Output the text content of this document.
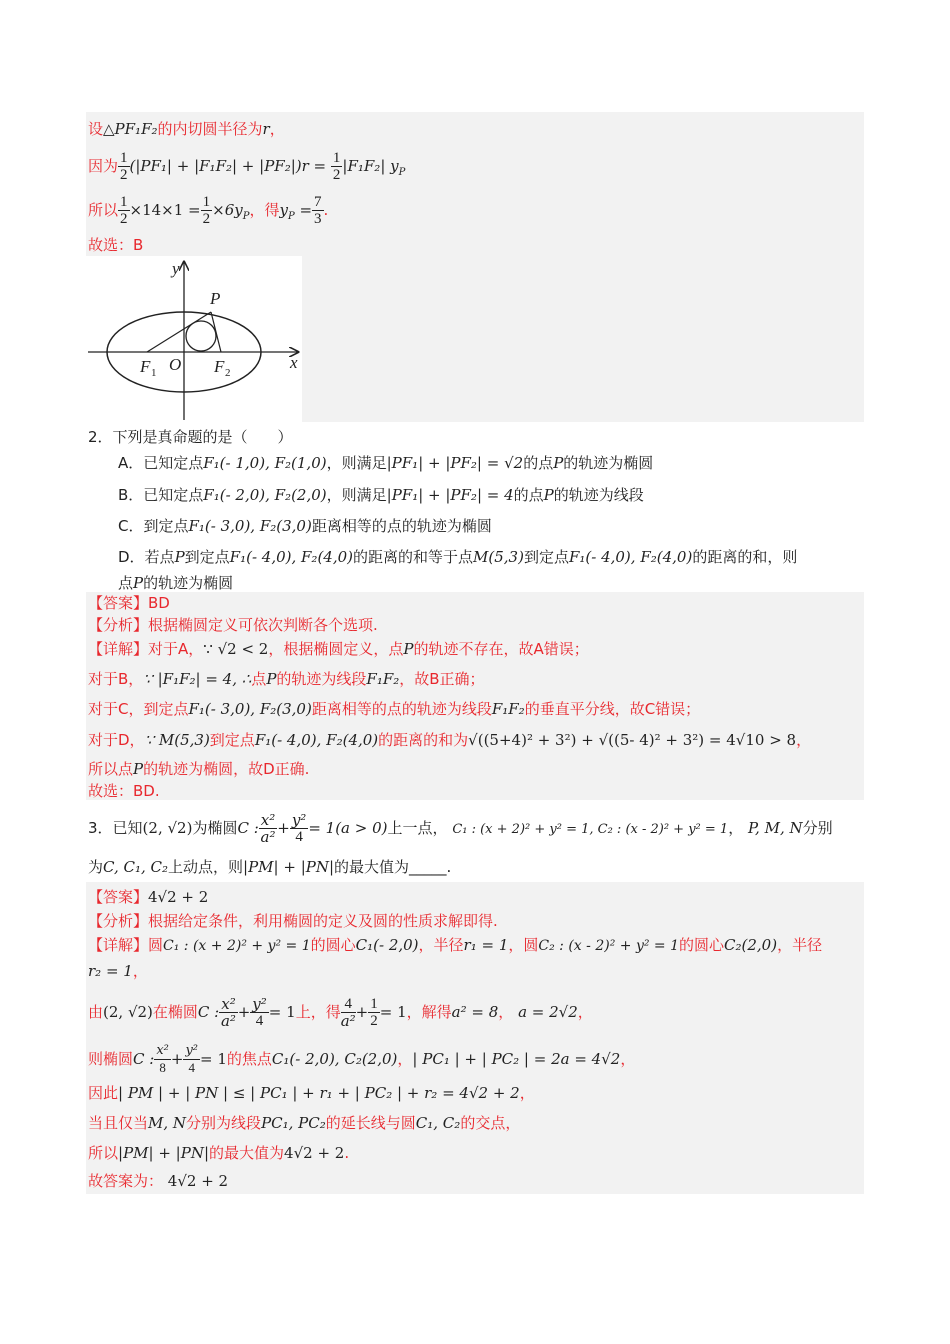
设△PF₁F₂的内切圆半径为r，
因为 $\frac{1}{2} (|PF_1| + |F_1F_2| + |PF_2|)r = \frac{1}{2} |F_1F_2|$ $y_P$
所以 $\frac{1}{2} \times 14\times 1 = \frac{1}{2} \times 6y_P$，得$y_P = \frac{7}{3}$ .
故选：B
y
P
F 1 O F 2
x
2．下列是真命题的是（　　）
A．已知定点F₁(- 1,0), F₂(1,0)，则满足|PF₁| + |PF₂| = √2的点P的轨迹为椭圆
B．已知定点F₁(- 2,0), F₂(2,0)，则满足|PF₁| + |PF₂| = 4的点P的轨迹为线段
C．到定点F₁(- 3,0), F₂(3,0)距离相等的点的轨迹为椭圆
D．若点P到定点F₁(- 4,0), F₂(4,0)的距离的和等于点M(5,3)到定点F₁(- 4,0), F₂(4,0)的距离的和，则
点P的轨迹为椭圆
【答案】BD
【分析】根据椭圆定义可依次判断各个选项.
【详解】对于A，∵ √2 < 2，根据椭圆定义，点P的轨迹不存在，故A错误；
对于B，∵ |F₁F₂| = 4, ∴点P的轨迹为线段F₁F₂，故B正确；
对于C，到定点F₁(- 3,0), F₂(3,0)距离相等的点的轨迹为线段F₁F₂的垂直平分线，故C错误；
对于D，∵ M(5,3)到定点F₁(- 4,0), F₂(4,0)的距离的和为√((5+4)² + 3²) + √((5- 4)² + 3²) = 4√10 > 8，
所以点P的轨迹为椭圆，故D正确.
故选：BD.
3．已知(2, √2)为椭圆C : $\frac{\text{x²}}{\text{a²}} + \frac{\text{y²}}{4} = 1(a > 0)$上一点， C₁ : (x + 2)² + y² = 1, C₂ : (x - 2)² + y² = 1， P, M, N分别
为C, C₁, C₂上动点，则|PM| + |PN|的最大值为_____.
【答案】4√2 + 2
【分析】根据给定条件，利用椭圆的定义及圆的性质求解即得.
【详解】圆C₁ : (x + 2)² + y² = 1的圆心C₁(- 2,0)，半径r₁ = 1，圆C₂ : (x - 2)² + y² = 1的圆心C₂(2,0)，半径
r₂ = 1，
由(2, √2)在椭圆C : $\frac{\text{x²}}{\text{a²}} + \frac{\text{y²}}{4} = 1$上，得 $\frac{4}{\text{a²}} + \frac{1}{2} = 1$，解得a² = 8， a = 2√2，
则椭圆C : $\frac{\text{x²}}{8} + \frac{\text{y²}}{4} = 1$的焦点C₁(- 2,0), C₂(2,0)，| PC₁ | + | PC₂ | = 2a = 4√2，
因此| PM | + | PN | ≤ | PC₁ | + r₁ + | PC₂ | + r₂ = 4√2 + 2，
当且仅当M, N分别为线段PC₁, PC₂的延长线与圆C₁, C₂的交点，
所以|PM| + |PN|的最大值为4√2 + 2.
故答案为： 4√2 + 2
